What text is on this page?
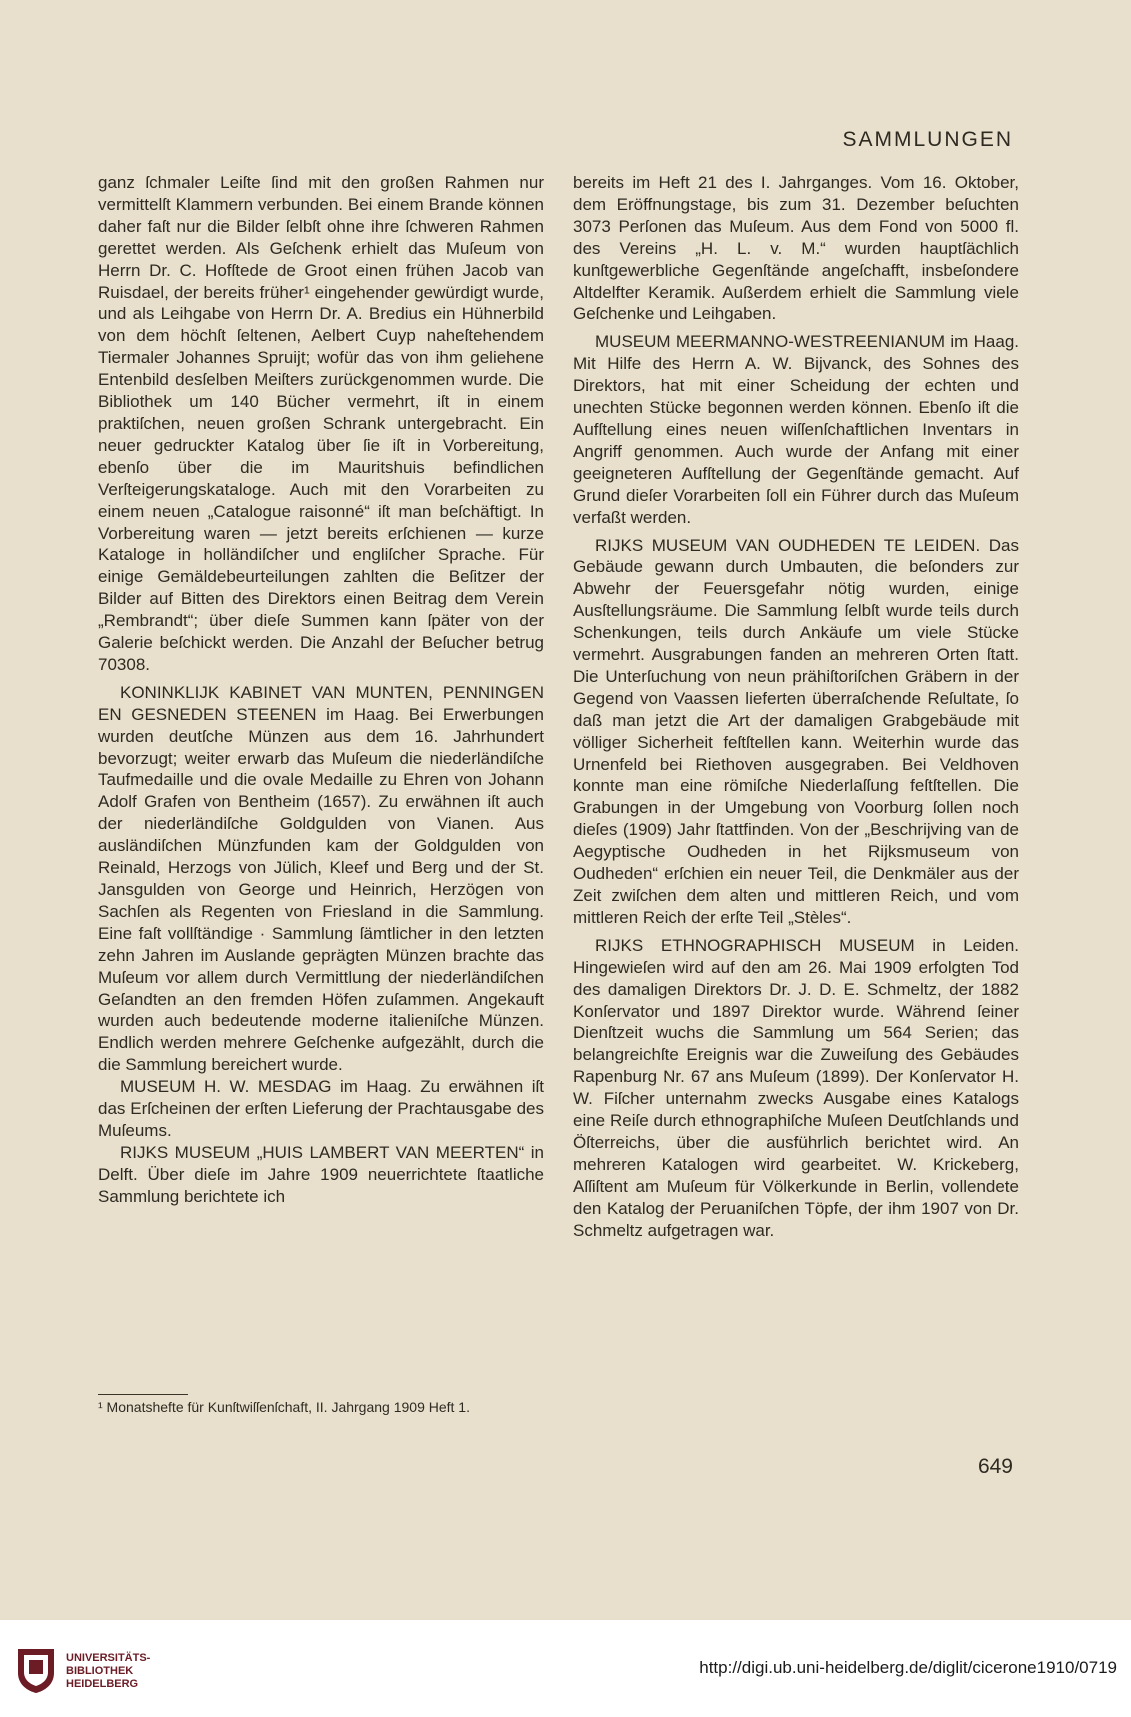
SAMMLUNGEN

ganz ſchmaler Leiſte ſind mit den großen Rahmen nur vermittelſt Klammern verbunden. Bei einem Brande können daher faſt nur die Bilder ſelbſt ohne ihre ſchweren Rahmen gerettet werden. Als Geſchenk erhielt das Muſeum von Herrn Dr. C. Hofſtede de Groot einen frühen Jacob van Ruisdael, der bereits früher¹ eingehender gewürdigt wurde, und als Leihgabe von Herrn Dr. A. Bredius ein Hühnerbild von dem höchſt ſeltenen, Aelbert Cuyp naheſtehendem Tiermaler Johannes Spruijt; wofür das von ihm geliehene Entenbild desſelben Meiſters zurückgenommen wurde. Die Bibliothek um 140 Bücher vermehrt, iſt in einem praktiſchen, neuen großen Schrank untergebracht. Ein neuer gedruckter Katalog über ſie iſt in Vorbereitung, ebenſo über die im Mauritshuis befindlichen Verſteigerungskataloge. Auch mit den Vorarbeiten zu einem neuen „Catalogue raisonné“ iſt man beſchäftigt. In Vorbereitung waren — jetzt bereits erſchienen — kurze Kataloge in holländiſcher und engliſcher Sprache. Für einige Gemäldebeurteilungen zahlten die Beſitzer der Bilder auf Bitten des Direktors einen Beitrag dem Verein „Rembrandt“; über dieſe Summen kann ſpäter von der Galerie beſchickt werden. Die Anzahl der Beſucher betrug 70308.

KONINKLIJK KABINET VAN MUNTEN, PENNINGEN EN GESNEDEN STEENEN im Haag. Bei Erwerbungen wurden deutſche Münzen aus dem 16. Jahrhundert bevorzugt; weiter erwarb das Muſeum die niederländiſche Taufmedaille und die ovale Medaille zu Ehren von Johann Adolf Grafen von Bentheim (1657). Zu erwähnen iſt auch der niederländiſche Goldgulden von Vianen. Aus ausländiſchen Münzfunden kam der Goldgulden von Reinald, Herzogs von Jülich, Kleef und Berg und der St. Jansgulden von George und Heinrich, Herzögen von Sachſen als Regenten von Friesland in die Sammlung. Eine faſt vollſtändige · Sammlung ſämtlicher in den letzten zehn Jahren im Auslande geprägten Münzen brachte das Muſeum vor allem durch Vermittlung der niederländiſchen Geſandten an den fremden Höfen zuſammen. Angekauft wurden auch bedeutende moderne italieniſche Münzen. Endlich werden mehrere Geſchenke aufgezählt, durch die die Sammlung bereichert wurde.

MUSEUM H. W. MESDAG im Haag. Zu erwähnen iſt das Erſcheinen der erſten Lieferung der Prachtausgabe des Muſeums.

RIJKS MUSEUM „HUIS LAMBERT VAN MEERTEN“ in Delft. Über dieſe im Jahre 1909 neuerrichtete ſtaatliche Sammlung berichtete ich

bereits im Heft 21 des I. Jahrganges. Vom 16. Oktober, dem Eröffnungstage, bis zum 31. Dezember beſuchten 3073 Perſonen das Muſeum. Aus dem Fond von 5000 fl. des Vereins „H. L. v. M.“ wurden hauptſächlich kunſtgewerbliche Gegenſtände angeſchafft, insbeſondere Altdelfter Keramik. Außerdem erhielt die Sammlung viele Geſchenke und Leihgaben.

MUSEUM MEERMANNO-WESTREENIANUM im Haag. Mit Hilfe des Herrn A. W. Bijvanck, des Sohnes des Direktors, hat mit einer Scheidung der echten und unechten Stücke begonnen werden können. Ebenſo iſt die Aufſtellung eines neuen wiſſenſchaftlichen Inventars in Angriff genommen. Auch wurde der Anfang mit einer geeigneteren Aufſtellung der Gegenſtände gemacht. Auf Grund dieſer Vorarbeiten ſoll ein Führer durch das Muſeum verfaßt werden.

RIJKS MUSEUM VAN OUDHEDEN TE LEIDEN. Das Gebäude gewann durch Umbauten, die beſonders zur Abwehr der Feuersgefahr nötig wurden, einige Ausſtellungsräume. Die Sammlung ſelbſt wurde teils durch Schenkungen, teils durch Ankäufe um viele Stücke vermehrt. Ausgrabungen fanden an mehreren Orten ſtatt. Die Unterſuchung von neun prähiſtoriſchen Gräbern in der Gegend von Vaassen lieferten überraſchende Reſultate, ſo daß man jetzt die Art der damaligen Grabgebäude mit völliger Sicherheit feſtſtellen kann. Weiterhin wurde das Urnenfeld bei Riethoven ausgegraben. Bei Veldhoven konnte man eine römiſche Niederlaſſung feſtſtellen. Die Grabungen in der Umgebung von Voorburg ſollen noch dieſes (1909) Jahr ſtattfinden. Von der „Beschrijving van de Aegyptische Oudheden in het Rijksmuseum von Oudheden“ erſchien ein neuer Teil, die Denkmäler aus der Zeit zwiſchen dem alten und mittleren Reich, und vom mittleren Reich der erſte Teil „Stèles“.

RIJKS ETHNOGRAPHISCH MUSEUM in Leiden. Hingewieſen wird auf den am 26. Mai 1909 erfolgten Tod des damaligen Direktors Dr. J. D. E. Schmeltz, der 1882 Konſervator und 1897 Direktor wurde. Während ſeiner Dienſtzeit wuchs die Sammlung um 564 Serien; das belangreichſte Ereignis war die Zuweiſung des Gebäudes Rapenburg Nr. 67 ans Muſeum (1899). Der Konſervator H. W. Fiſcher unternahm zwecks Ausgabe eines Katalogs eine Reiſe durch ethnographiſche Muſeen Deutſchlands und Öſterreichs, über die ausführlich berichtet wird. An mehreren Katalogen wird gearbeitet. W. Krickeberg, Aſſiſtent am Muſeum für Völkerkunde in Berlin, vollendete den Katalog der Peruaniſchen Töpfe, der ihm 1907 von Dr. Schmeltz aufgetragen war.

¹ Monatshefte für Kunſtwiſſenſchaft, II. Jahrgang 1909 Heft 1.
649
UNIVERSITÄTS-
BIBLIOTHEK
HEIDELBERG
http://digi.ub.uni-heidelberg.de/diglit/cicerone1910/0719
